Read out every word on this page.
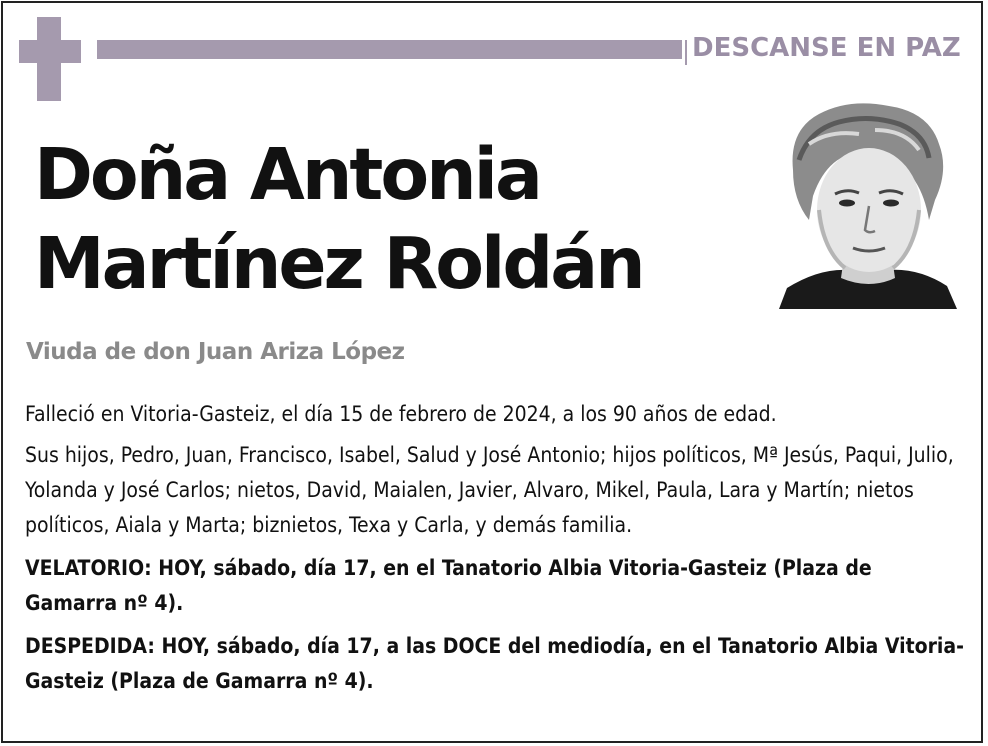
DESCANSE EN PAZ
Doña Antonia
Martínez Roldán
Viuda de don Juan Ariza López

Falleció en Vitoria-Gasteiz, el día 15 de febrero de 2024, a los 90 años de edad.

Sus hijos, Pedro, Juan, Francisco, Isabel, Salud y José Antonio; hijos políticos, Mª Jesús, Paqui, Julio, Yolanda y José Carlos; nietos, David, Maialen, Javier, Alvaro, Mikel, Paula, Lara y Martín; nietos políticos, Aiala y Marta; biznietos, Texa y Carla, y demás familia.

VELATORIO: HOY, sábado, día 17, en el Tanatorio Albia Vitoria-Gasteiz (Plaza de Gamarra nº 4).

DESPEDIDA: HOY, sábado, día 17, a las DOCE del mediodía, en el Tanatorio Albia Vitoria-Gasteiz (Plaza de Gamarra nº 4).
